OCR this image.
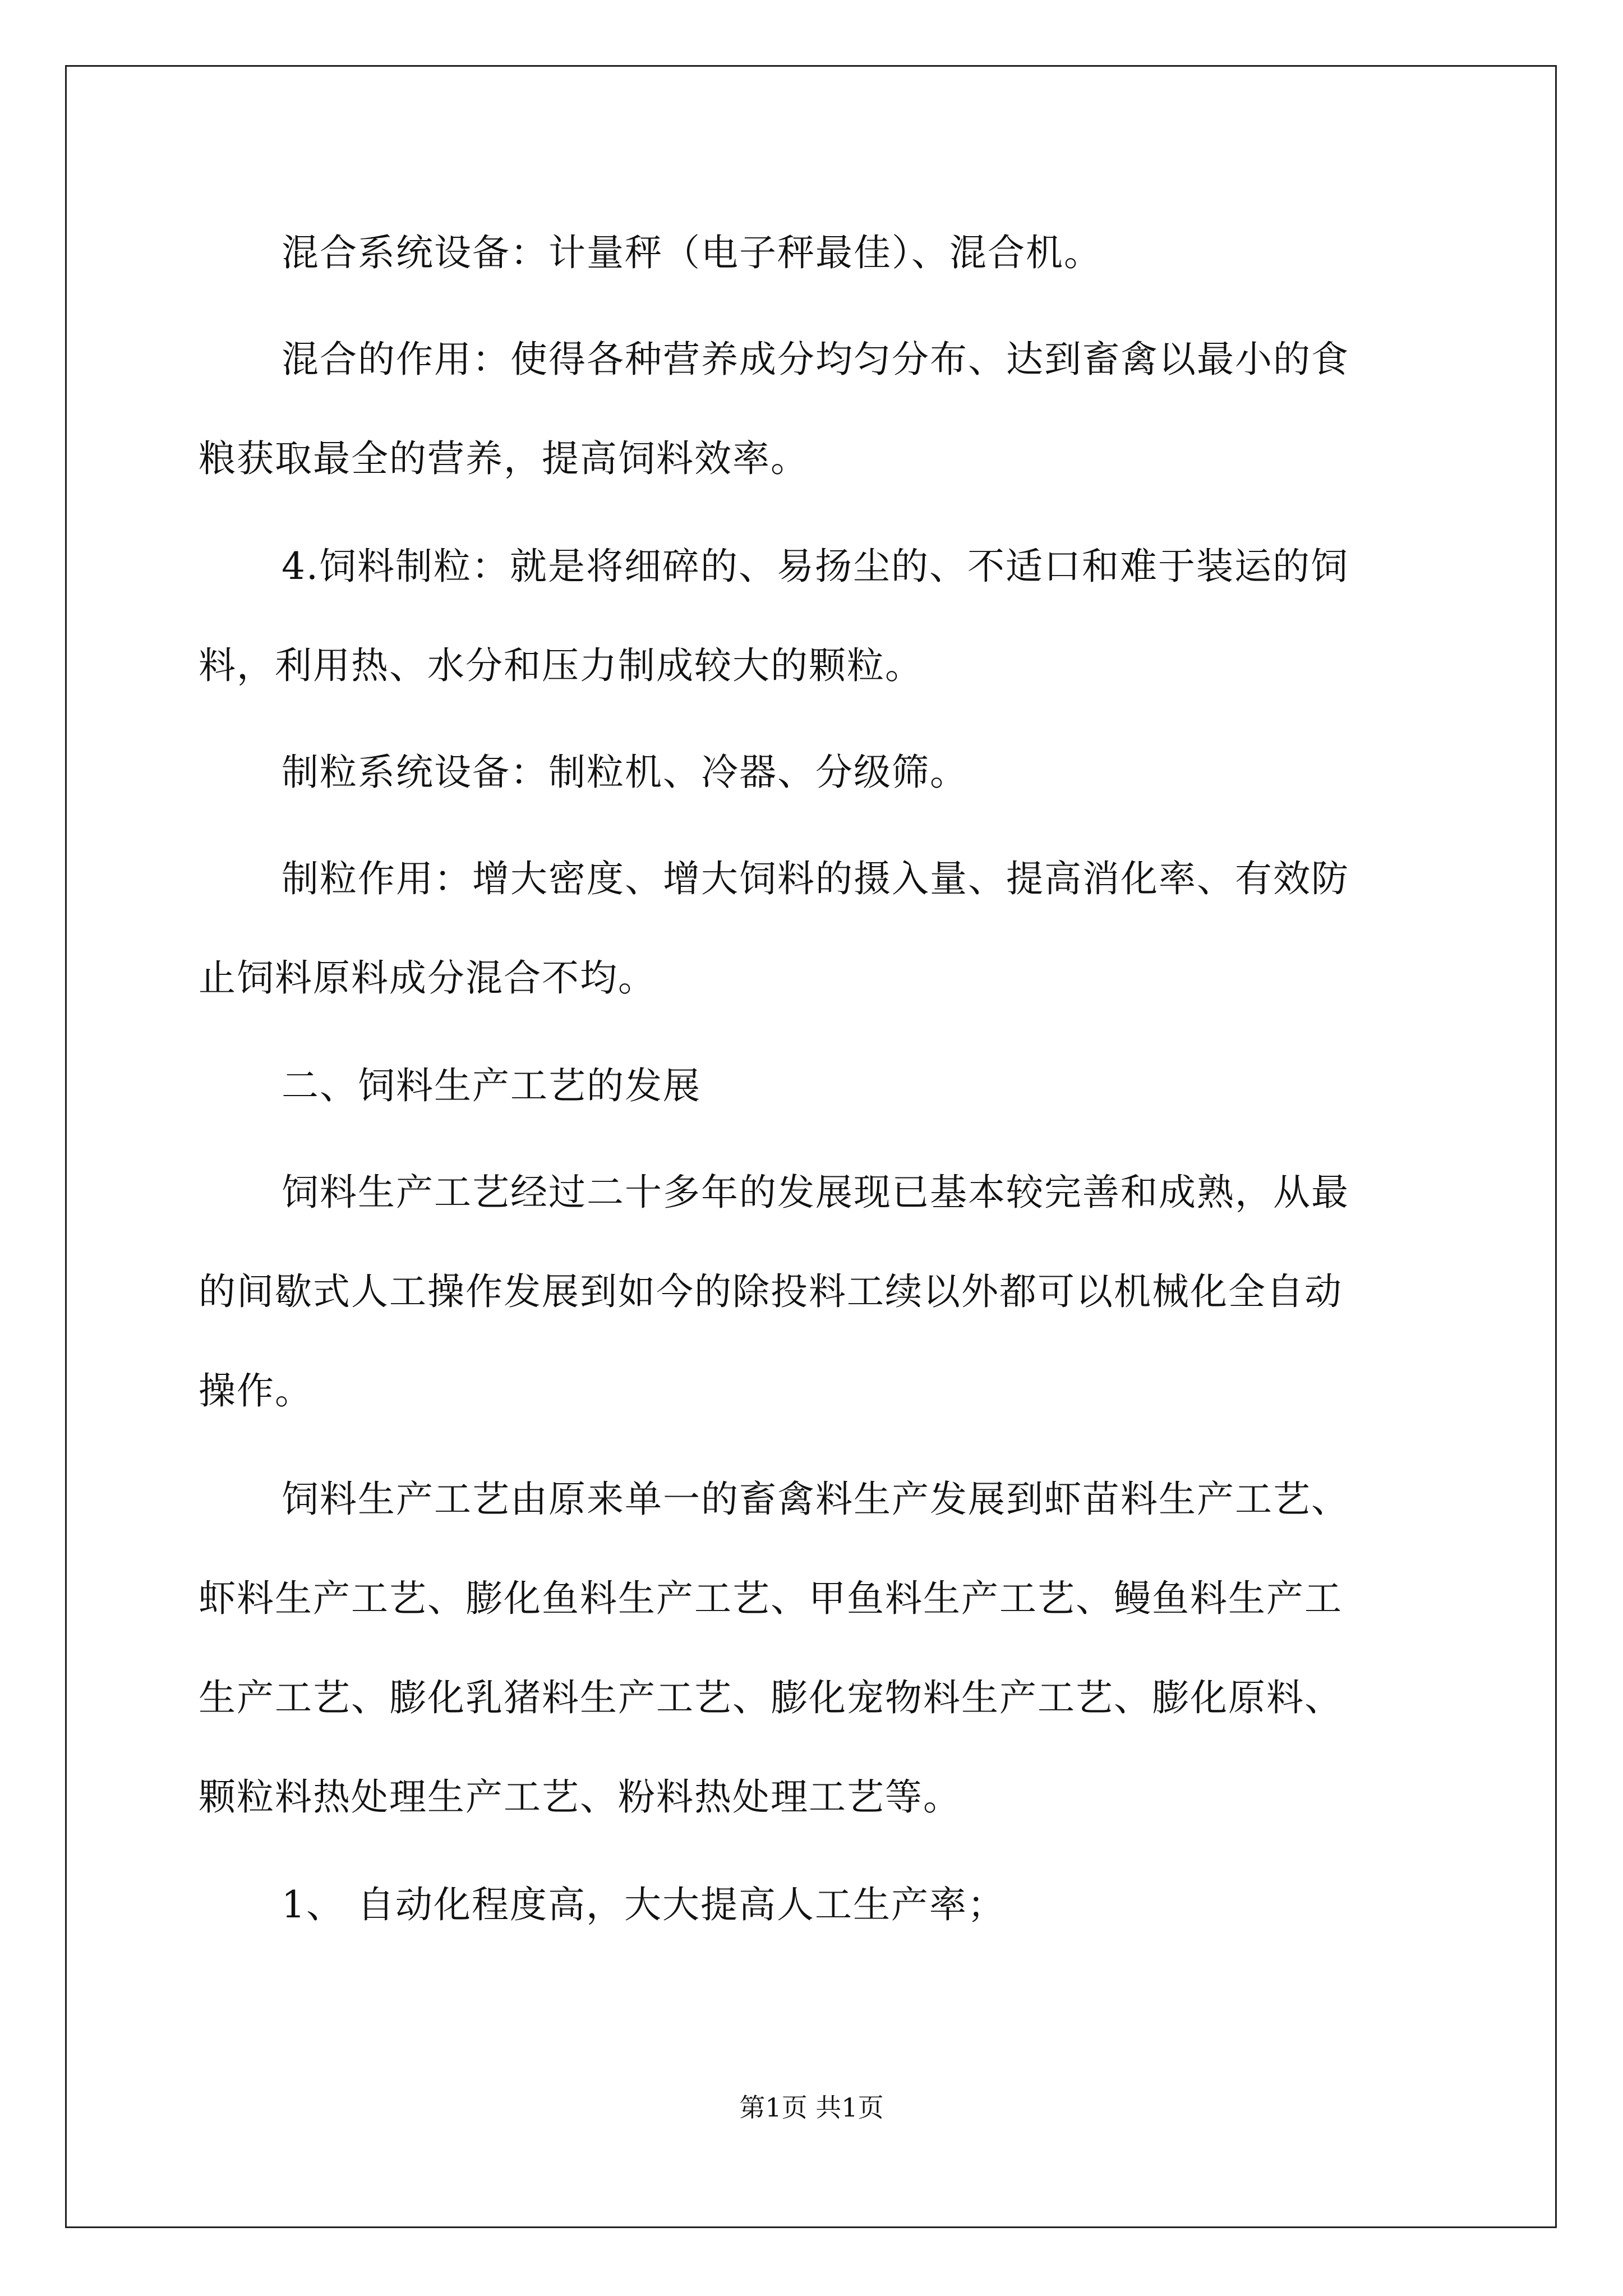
混合系统设备：计量秤（电子秤最佳）、混合机。
混合的作用：使得各种营养成分均匀分布、达到畜禽以最小的食
粮获取最全的营养，提高饲料效率。
4.饲料制粒：就是将细碎的、易扬尘的、不适口和难于装运的饲
料，利用热、水分和压力制成较大的颗粒。
制粒系统设备：制粒机、冷器、分级筛。
制粒作用：增大密度、增大饲料的摄入量、提高消化率、有效防
止饲料原料成分混合不均。
二、饲料生产工艺的发展
饲料生产工艺经过二十多年的发展现已基本较完善和成熟，从最
的间歇式人工操作发展到如今的除投料工续以外都可以机械化全自动
操作。
饲料生产工艺由原来单一的畜禽料生产发展到虾苗料生产工艺、
虾料生产工艺、膨化鱼料生产工艺、甲鱼料生产工艺、鳗鱼料生产工
生产工艺、膨化乳猪料生产工艺、膨化宠物料生产工艺、膨化原料、
颗粒料热处理生产工艺、粉料热处理工艺等。
1、 自动化程度高，大大提高人工生产率；
第1页 共1页
